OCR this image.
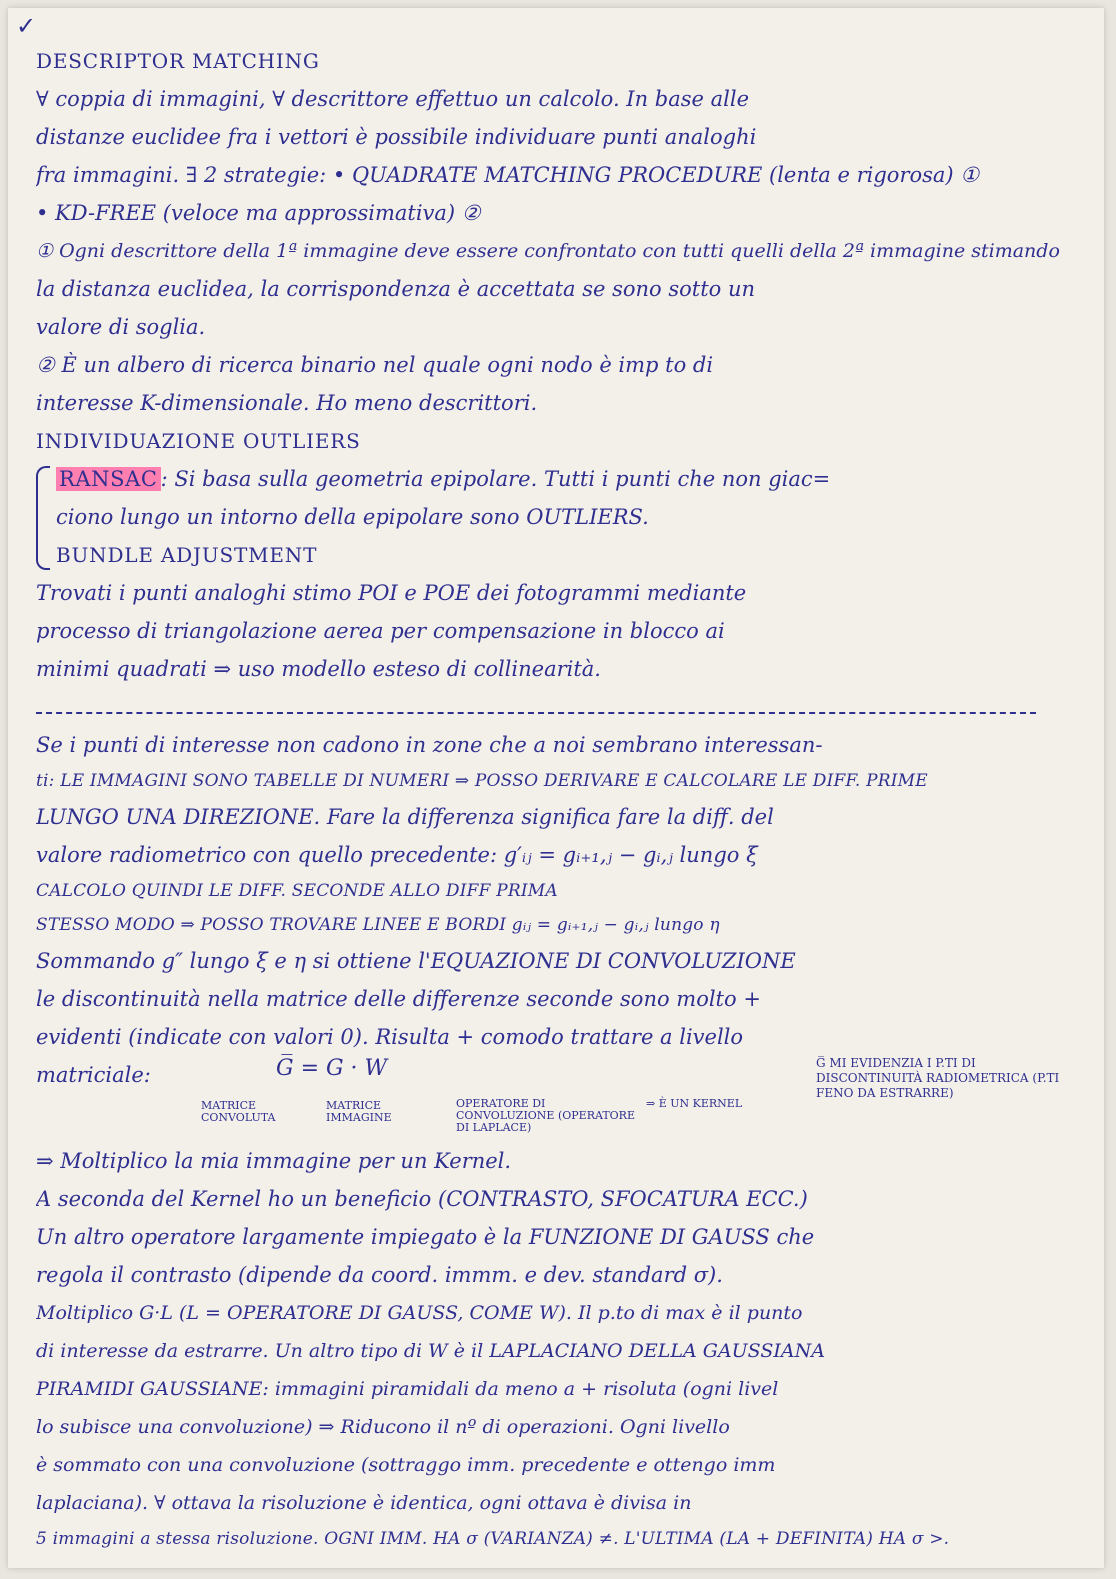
✓

DESCRIPTOR MATCHING

∀ coppia di immagini, ∀ descrittore effettuo un calcolo. In base alle

distanze euclidee fra i vettori è possibile individuare punti analoghi

fra immagini. ∃ 2 strategie: • QUADRATE MATCHING PROCEDURE (lenta e rigorosa) ①

• KD-FREE (veloce ma approssimativa) ②

① Ogni descrittore della 1ª immagine deve essere confrontato con tutti quelli della 2ª immagine stimando

la distanza euclidea, la corrispondenza è accettata se sono sotto un

valore di soglia.

② È un albero di ricerca binario nel quale ogni nodo è imp to di

interesse K-dimensionale. Ho meno descrittori.

INDIVIDUAZIONE OUTLIERS

RANSAC : Si basa sulla geometria epipolare. Tutti i punti che non giac=

ciono lungo un intorno della epipolare sono OUTLIERS.

BUNDLE ADJUSTMENT

Trovati i punti analoghi stimo POI e POE dei fotogrammi mediante

processo di triangolazione aerea per compensazione in blocco ai

minimi quadrati ⇒ uso modello esteso di collinearità.

Se i punti di interesse non cadono in zone che a noi sembrano interessan-

ti: LE IMMAGINI SONO TABELLE DI NUMERI ⇒ POSSO DERIVARE E CALCOLARE LE DIFF. PRIME

LUNGO UNA DIREZIONE. Fare la differenza significa fare la diff. del

valore radiometrico con quello precedente: g′ᵢⱼ = gᵢ₊₁,ⱼ − gᵢ,ⱼ lungo ξ

CALCOLO QUINDI LE DIFF. SECONDE ALLO DIFF PRIMA

STESSO MODO ⇒ POSSO TROVARE LINEE E BORDI gᵢⱼ = gᵢ₊₁,ⱼ − gᵢ,ⱼ lungo η

Sommando g″ lungo ξ e η si ottiene l'EQUAZIONE DI CONVOLUZIONE

le discontinuità nella matrice delle differenze seconde sono molto +

evidenti (indicate con valori 0). Risulta + comodo trattare a livello

matriciale:	G̅ = G · W	G̅ MI EVIDENZIA I P.TI DI DISCONTINUITÀ RADIOMETRICA (P.TI FENO DA ESTRARRE)
MATRICE CONVOLUTA
MATRICE IMMAGINE
OPERATORE DI CONVOLUZIONE (OPERATORE DI LAPLACE)
⇒ È UN KERNEL

⇒ Moltiplico la mia immagine per un Kernel.

A seconda del Kernel ho un beneficio (CONTRASTO, SFOCATURA ECC.)

Un altro operatore largamente impiegato è la FUNZIONE DI GAUSS che

regola il contrasto (dipende da coord. immm. e dev. standard σ).

Moltiplico G·L (L = OPERATORE DI GAUSS, COME W). Il p.to di max è il punto

di interesse da estrarre. Un altro tipo di W è il LAPLACIANO DELLA GAUSSIANA

PIRAMIDI GAUSSIANE: immagini piramidali da meno a + risoluta (ogni livel

lo subisce una convoluzione) ⇒ Riducono il nº di operazioni. Ogni livello

è sommato con una convoluzione (sottraggo imm. precedente e ottengo imm

laplaciana). ∀ ottava la risoluzione è identica, ogni ottava è divisa in

5 immagini a stessa risoluzione. OGNI IMM. HA σ (VARIANZA) ≠. L'ULTIMA (LA + DEFINITA) HA σ >.
